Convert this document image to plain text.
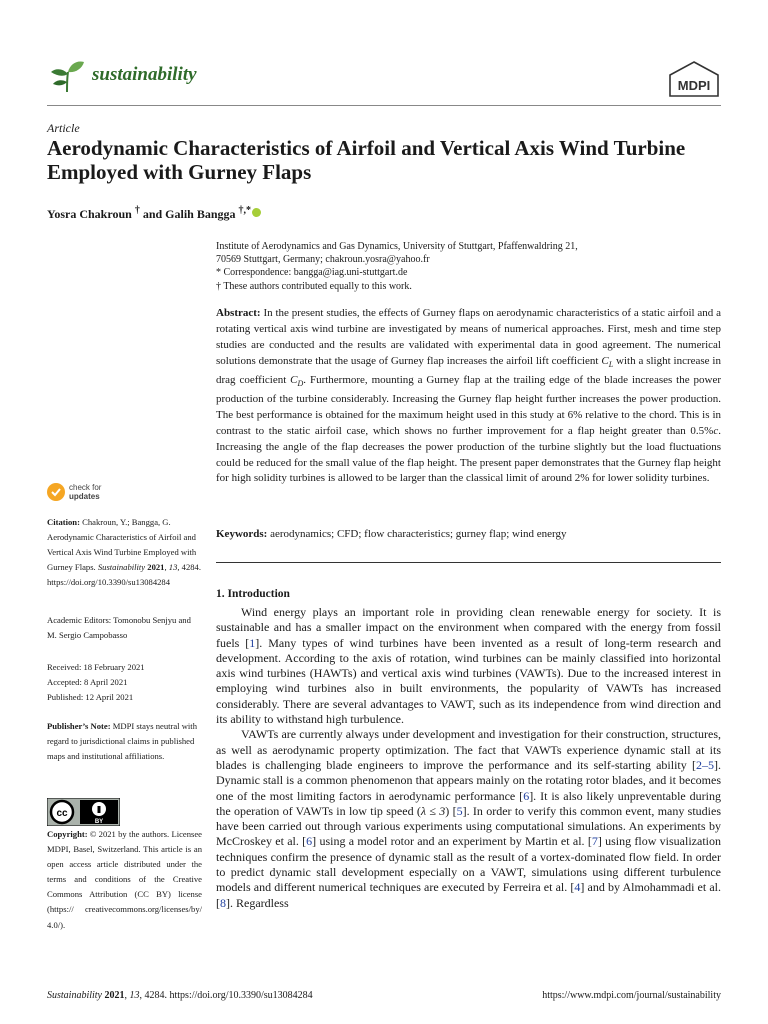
sustainability
MDPI
Article
Aerodynamic Characteristics of Airfoil and Vertical Axis Wind Turbine Employed with Gurney Flaps
Yosra Chakroun † and Galih Bangga †,*
Institute of Aerodynamics and Gas Dynamics, University of Stuttgart, Pfaffenwaldring 21,
70569 Stuttgart, Germany; chakroun.yosra@yahoo.fr
* Correspondence: bangga@iag.uni-stuttgart.de
† These authors contributed equally to this work.
Abstract: In the present studies, the effects of Gurney flaps on aerodynamic characteristics of a static airfoil and a rotating vertical axis wind turbine are investigated by means of numerical approaches. First, mesh and time step studies are conducted and the results are validated with experimental data in good agreement. The numerical solutions demonstrate that the usage of Gurney flap increases the airfoil lift coefficient $C_L$ with a slight increase in drag coefficient $C_D$. Furthermore, mounting a Gurney flap at the trailing edge of the blade increases the power production of the turbine considerably. Increasing the Gurney flap height further increases the power production. The best performance is obtained for the maximum height used in this study at 6% relative to the chord. This is in contrast to the static airfoil case, which shows no further improvement for a flap height greater than 0.5%c. Increasing the angle of the flap decreases the power production of the turbine slightly but the load fluctuations could be reduced for the small value of the flap height. The present paper demonstrates that the Gurney flap height for high solidity turbines is allowed to be larger than the classical limit of around 2% for lower solidity turbines.
Keywords: aerodynamics; CFD; flow characteristics; gurney flap; wind energy
check for
updates
Citation: Chakroun, Y.; Bangga, G. Aerodynamic Characteristics of Airfoil and Vertical Axis Wind Turbine Employed with Gurney Flaps. Sustainability 2021, 13, 4284. https://doi.org/10.3390/su13084284
Academic Editors: Tomonobu Senjyu and M. Sergio Campobasso
Received: 18 February 2021
Accepted: 8 April 2021
Published: 12 April 2021
Publisher’s Note: MDPI stays neutral with regard to jurisdictional claims in published maps and institutional affiliations.
cc
BY
Copyright: © 2021 by the authors. Licensee MDPI, Basel, Switzerland. This article is an open access article distributed under the terms and conditions of the Creative Commons Attribution (CC BY) license (https:// creativecommons.org/licenses/by/ 4.0/).
1. Introduction

Wind energy plays an important role in providing clean renewable energy for society. It is sustainable and has a smaller impact on the environment when compared with the energy from fossil fuels [1]. Many types of wind turbines have been invented as a result of long-term research and development. According to the axis of rotation, wind turbines can be mainly classified into horizontal axis wind turbines (HAWTs) and vertical axis wind turbines (VAWTs). Due to the increased interest in employing wind turbines also in built environments, the popularity of VAWTs has increased considerably. There are several advantages to VAWT, such as its independence from wind direction and its ability to withstand high turbulence.

VAWTs are currently always under development and investigation for their construction, structures, as well as aerodynamic property optimization. The fact that VAWTs experience dynamic stall at its blades is challenging blade engineers to improve the performance and its self-starting ability [2–5]. Dynamic stall is a common phenomenon that appears mainly on the rotating rotor blades, and it becomes one of the most limiting factors in aerodynamic performance [6]. It is also likely unpreventable during the operation of VAWTs in low tip speed (λ ≤ 3) [5]. In order to verify this common event, many studies have been carried out through various experiments using computational simulations. An experiments by McCroskey et al. [6] using a model rotor and an experiment by Martin et al. [7] using flow visualization techniques confirm the presence of dynamic stall as the result of a vortex-dominated flow field. In order to predict dynamic stall development especially on a VAWT, simulations using different turbulence models and different numerical techniques are executed by Ferreira et al. [4] and by Almohammadi et al. [8]. Regardless

Sustainability 2021, 13, 4284. https://doi.org/10.3390/su13084284	https://www.mdpi.com/journal/sustainability
